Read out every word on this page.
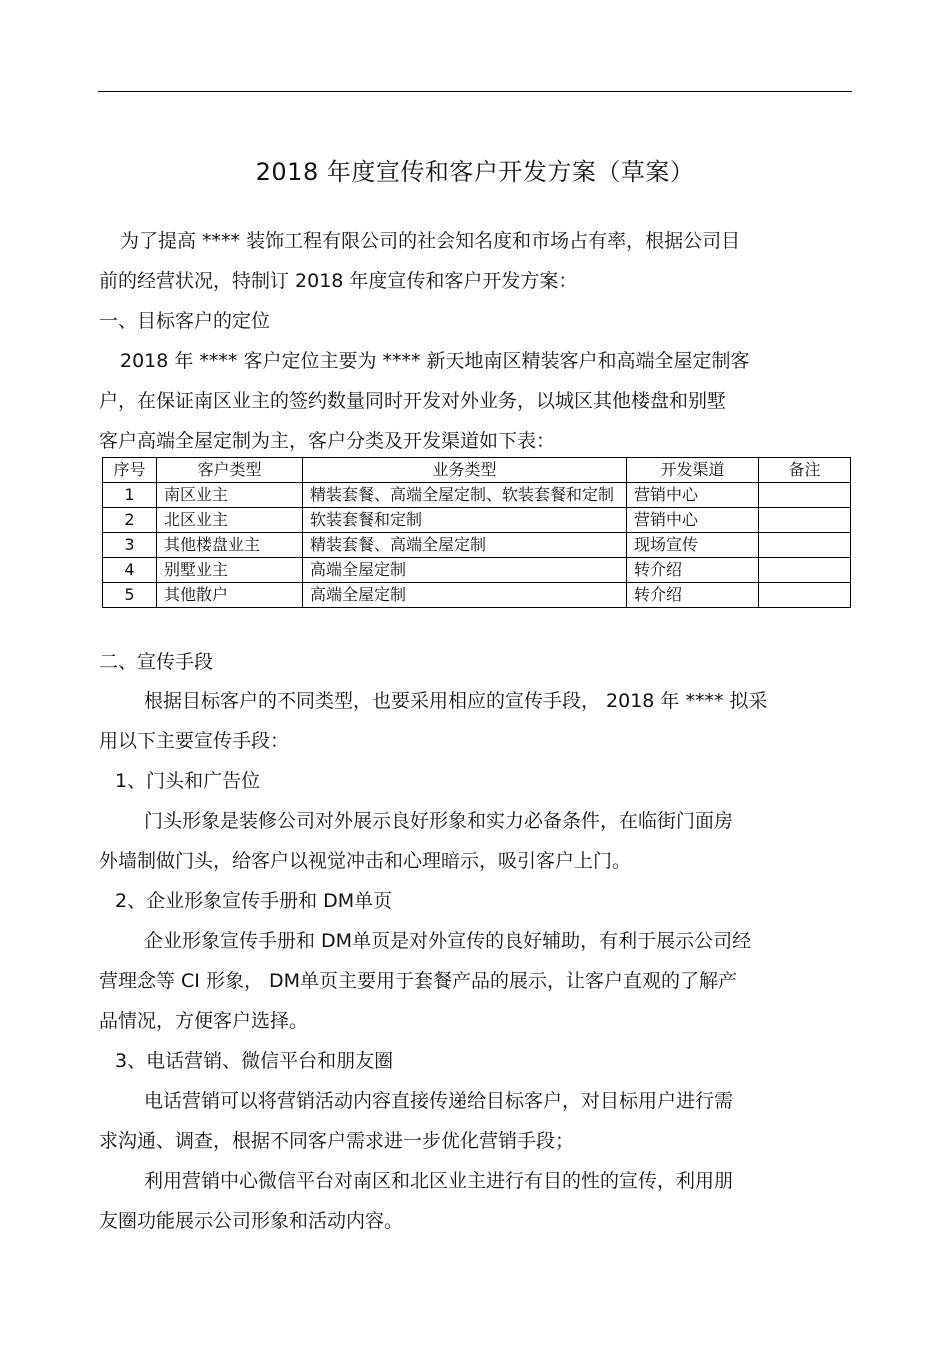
2018 年度宣传和客户开发方案（草案）
为了提高 **** 装饰工程有限公司的社会知名度和市场占有率，根据公司目
前的经营状况，特制订 2018 年度宣传和客户开发方案：
一、目标客户的定位
2018 年 **** 客户定位主要为 **** 新天地南区精装客户和高端全屋定制客
户，在保证南区业主的签约数量同时开发对外业务，以城区其他楼盘和别墅
客户高端全屋定制为主，客户分类及开发渠道如下表：
序号	客户类型	业务类型	开发渠道	备注
1	南区业主	精装套餐、高端全屋定制、软装套餐和定制	营销中心	
2	北区业主	软装套餐和定制	营销中心	
3	其他楼盘业主	精装套餐、高端全屋定制	现场宣传	
4	别墅业主	高端全屋定制	转介绍	
5	其他散户	高端全屋定制	转介绍	
二、宣传手段
根据目标客户的不同类型，也要采用相应的宣传手段， 2018 年 **** 拟采
用以下主要宣传手段：
1、门头和广告位
门头形象是装修公司对外展示良好形象和实力必备条件，在临街门面房
外墙制做门头，给客户以视觉冲击和心理暗示，吸引客户上门。
2、企业形象宣传手册和 DM单页
企业形象宣传手册和 DM单页是对外宣传的良好辅助，有利于展示公司经
营理念等 CI 形象， DM单页主要用于套餐产品的展示，让客户直观的了解产
品情况，方便客户选择。
3、电话营销、微信平台和朋友圈
电话营销可以将营销活动内容直接传递给目标客户，对目标用户进行需
求沟通、调查，根据不同客户需求进一步优化营销手段；
利用营销中心微信平台对南区和北区业主进行有目的性的宣传，利用朋
友圈功能展示公司形象和活动内容。
